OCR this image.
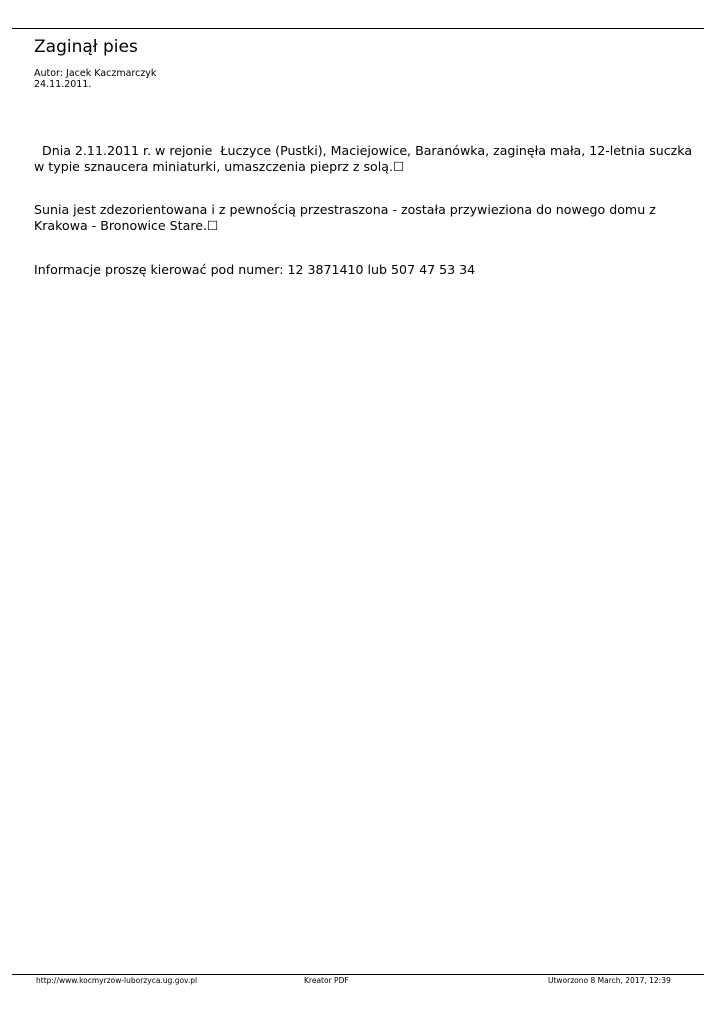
Zaginął pies
Autor: Jacek Kaczmarczyk
24.11.2011.

Dnia 2.11.2011 r. w rejonie  Łuczyce (Pustki), Maciejowice, Baranówka, zaginęła mała, 12-letnia suczka w typie sznaucera miniaturki, umaszczenia pieprz z solą.☐

Sunia jest zdezorientowana i z pewnością przestraszona - została przywieziona do nowego domu z Krakowa - Bronowice Stare.☐

Informacje proszę kierować pod numer: 12 3871410 lub 507 47 53 34

http://www.kocmyrzow-luborzyca.ug.gov.pl	Kreator PDF	Utworzono 8 March, 2017, 12:39
